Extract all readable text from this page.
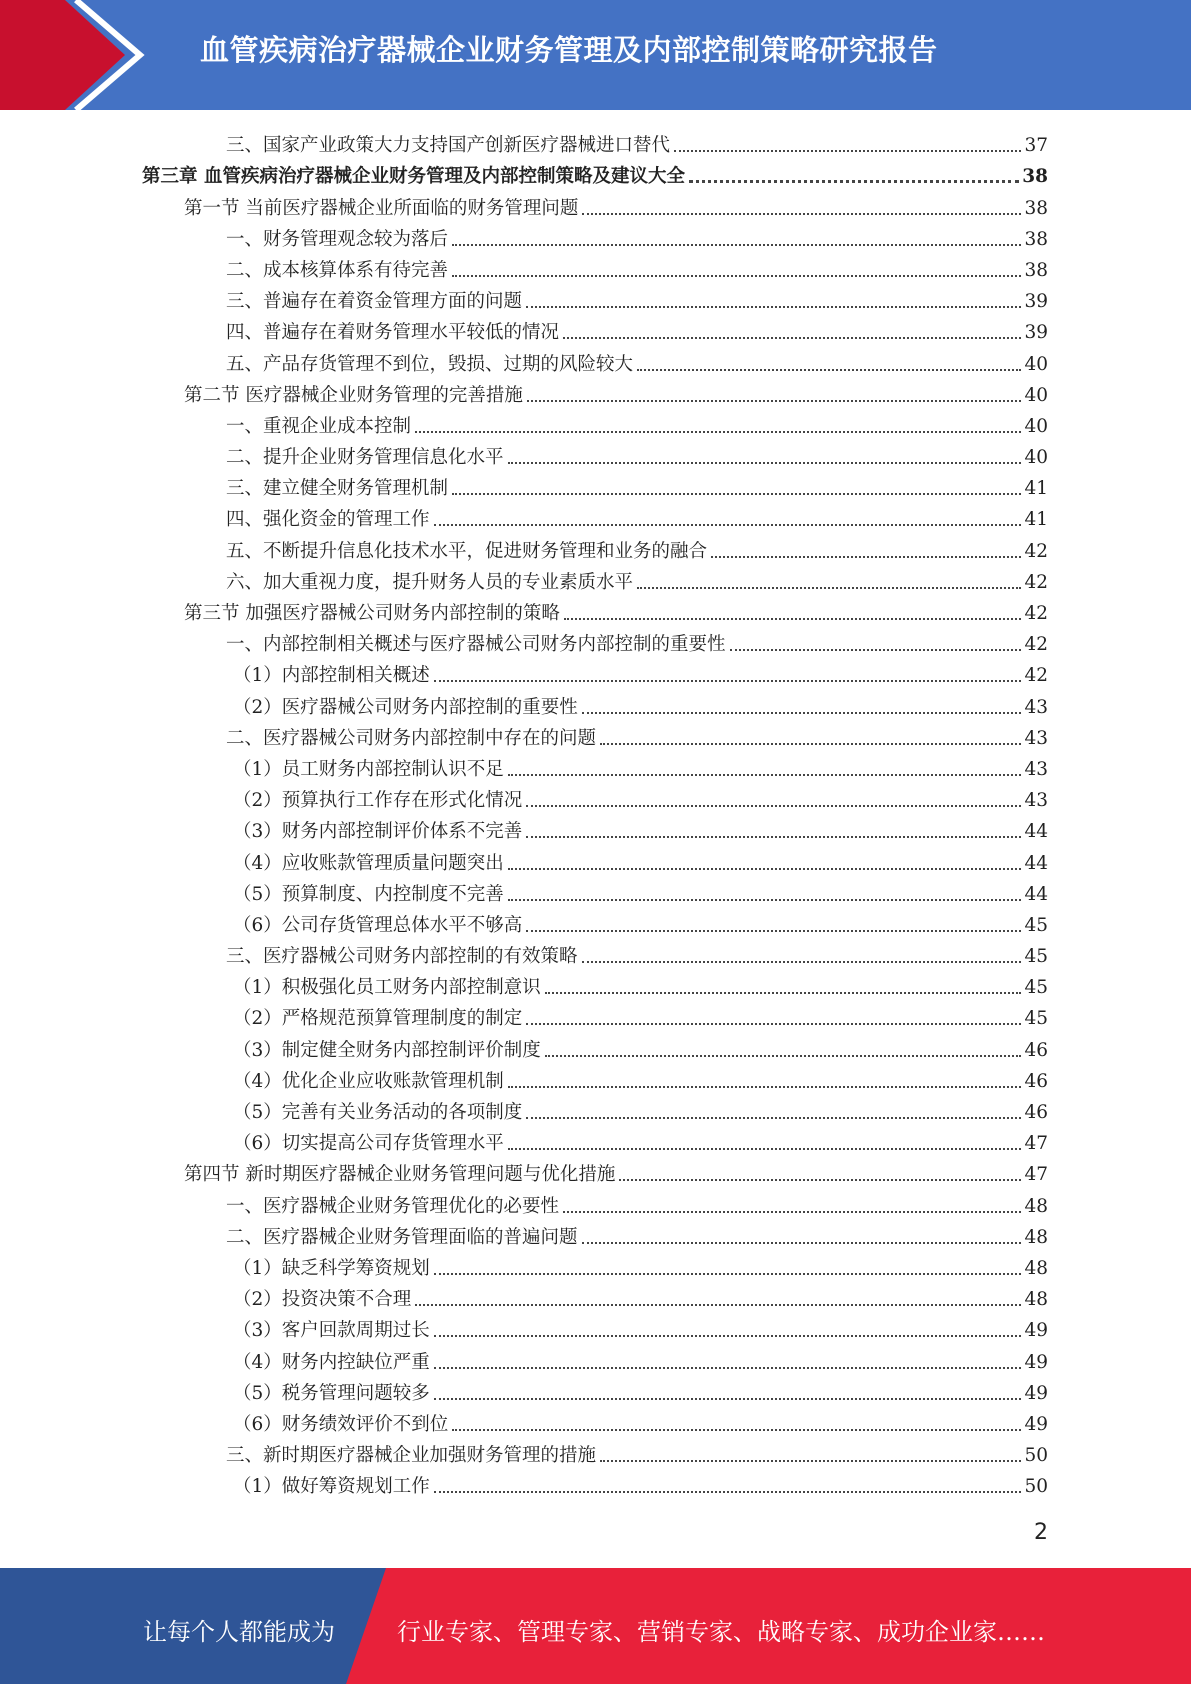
血管疾病治疗器械企业财务管理及内部控制策略研究报告
三、国家产业政策大力支持国产创新医疗器械进口替代	37
第三章 血管疾病治疗器械企业财务管理及内部控制策略及建议大全	38
第一节 当前医疗器械企业所面临的财务管理问题	38
一、财务管理观念较为落后	38
二、成本核算体系有待完善	38
三、普遍存在着资金管理方面的问题	39
四、普遍存在着财务管理水平较低的情况	39
五、产品存货管理不到位，毁损、过期的风险较大	40
第二节 医疗器械企业财务管理的完善措施	40
一、重视企业成本控制	40
二、提升企业财务管理信息化水平	40
三、建立健全财务管理机制	41
四、强化资金的管理工作	41
五、不断提升信息化技术水平，促进财务管理和业务的融合	42
六、加大重视力度，提升财务人员的专业素质水平	42
第三节 加强医疗器械公司财务内部控制的策略	42
一、内部控制相关概述与医疗器械公司财务内部控制的重要性	42
（1）内部控制相关概述	42
（2）医疗器械公司财务内部控制的重要性	43
二、医疗器械公司财务内部控制中存在的问题	43
（1）员工财务内部控制认识不足	43
（2）预算执行工作存在形式化情况	43
（3）财务内部控制评价体系不完善	44
（4）应收账款管理质量问题突出	44
（5）预算制度、内控制度不完善	44
（6）公司存货管理总体水平不够高	45
三、医疗器械公司财务内部控制的有效策略	45
（1）积极强化员工财务内部控制意识	45
（2）严格规范预算管理制度的制定	45
（3）制定健全财务内部控制评价制度	46
（4）优化企业应收账款管理机制	46
（5）完善有关业务活动的各项制度	46
（6）切实提高公司存货管理水平	47
第四节 新时期医疗器械企业财务管理问题与优化措施	47
一、医疗器械企业财务管理优化的必要性	48
二、医疗器械企业财务管理面临的普遍问题	48
（1）缺乏科学筹资规划	48
（2）投资决策不合理	48
（3）客户回款周期过长	49
（4）财务内控缺位严重	49
（5）税务管理问题较多	49
（6）财务绩效评价不到位	49
三、新时期医疗器械企业加强财务管理的措施	50
（1）做好筹资规划工作	50
2
让每个人都能成为	行业专家、管理专家、营销专家、战略专家、成功企业家……
